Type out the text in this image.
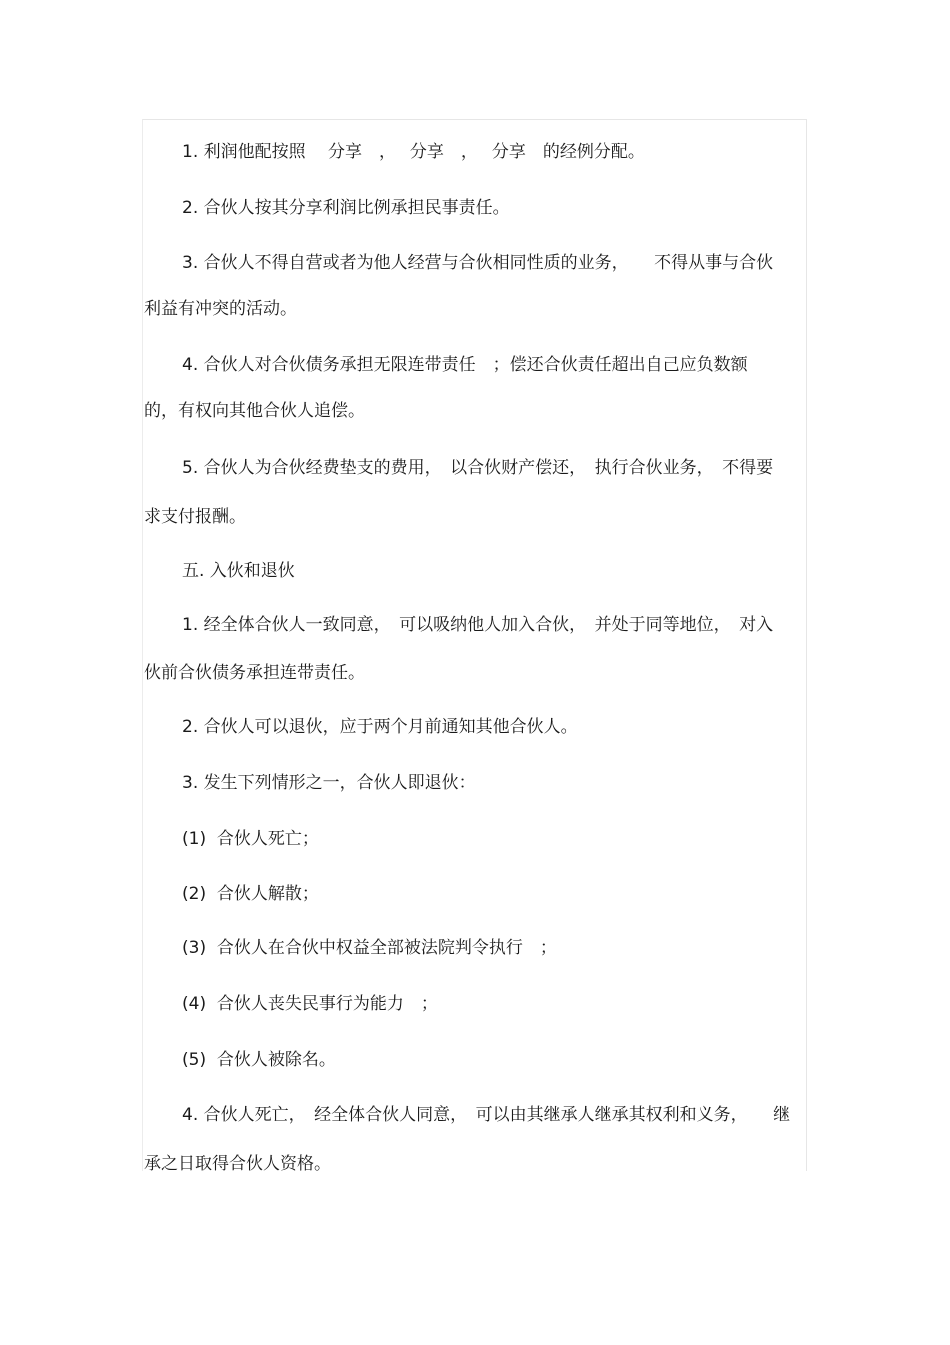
1. 利润他配按照　 分享　，　 分享　，　 分享　的经例分配。
2. 合伙人按其分享利润比例承担民事责任。
3. 合伙人不得自营或者为他人经营与合伙相同性质的业务，　　不得从事与合伙
利益有冲突的活动。
4. 合伙人对合伙债务承担无限连带责任　；偿还合伙责任超出自己应负数额
的，有权向其他合伙人追偿。
5. 合伙人为合伙经费垫支的费用，　以合伙财产偿还，　执行合伙业务，　不得要
求支付报酬。
五. 入伙和退伙
1. 经全体合伙人一致同意，　可以吸纳他人加入合伙，　并处于同等地位，　对入
伙前合伙债务承担连带责任。
2. 合伙人可以退伙，应于两个月前通知其他合伙人。
3. 发生下列情形之一，合伙人即退伙：
(1)  合伙人死亡；
(2)  合伙人解散；
(3)  合伙人在合伙中权益全部被法院判令执行　；
(4)  合伙人丧失民事行为能力　；
(5)  合伙人被除名。
4. 合伙人死亡，　经全体合伙人同意，　可以由其继承人继承其权利和义务，　　继
承之日取得合伙人资格。
